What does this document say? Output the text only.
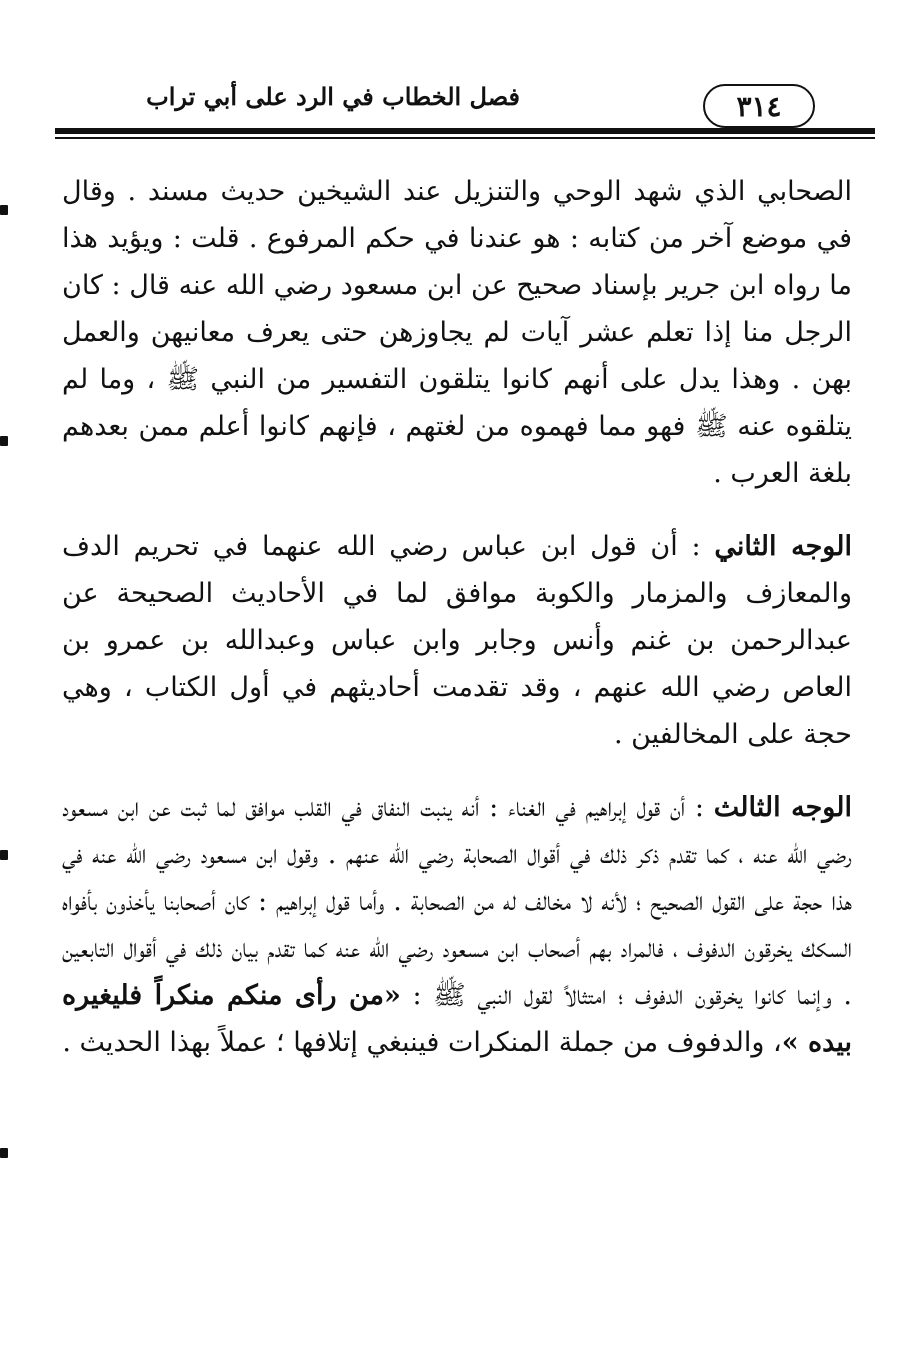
فصل الخطاب في الرد على أبي تراب	٣١٤

الصحابي الذي شهد الوحي والتنزيل عند الشيخين حديث مسند . وقال في موضع آخر من كتابه : هو عندنا في حكم المرفوع . قلت : ويؤيد هذا ما رواه ابن جرير بإسناد صحيح عن ابن مسعود رضي الله عنه قال : كان الرجل منا إذا تعلم عشر آيات لم يجاوزهن حتى يعرف معانيهن والعمل بهن . وهذا يدل على أنهم كانوا يتلقون التفسير من النبي ﷺ ، وما لم يتلقوه عنه ﷺ فهو مما فهموه من لغتهم ، فإنهم كانوا أعلم ممن بعدهم بلغة العرب .

الوجه الثاني : أن قول ابن عباس رضي الله عنهما في تحريم الدف والمعازف والمزمار والكوبة موافق لما في الأحاديث الصحيحة عن عبدالرحمن بن غنم وأنس وجابر وابن عباس وعبدالله بن عمرو بن العاص رضي الله عنهم ، وقد تقدمت أحاديثهم في أول الكتاب ، وهي حجة على المخالفين .

الوجه الثالث : أن قول إبراهيم في الغناء : أنه ينبت النفاق في القلب موافق لما ثبت عن ابن مسعود رضي الله عنه ، كما تقدم ذكر ذلك في أقوال الصحابة رضي الله عنهم . وقول ابن مسعود رضي الله عنه في هذا حجة على القول الصحيح ؛ لأنه لا مخالف له من الصحابة . وأما قول إبراهيم : كان أصحابنا يأخذون بأفواه السكك يخرقون الدفوف ، فالمراد بهم أصحاب ابن مسعود رضي الله عنه كما تقدم بيان ذلك في أقوال التابعين . وإنما كانوا يخرقون الدفوف ؛ امتثالاً لقول النبي ﷺ : «من رأى منكم منكراً فليغيره بيده »، والدفوف من جملة المنكرات فينبغي إتلافها ؛ عملاً بهذا الحديث .
